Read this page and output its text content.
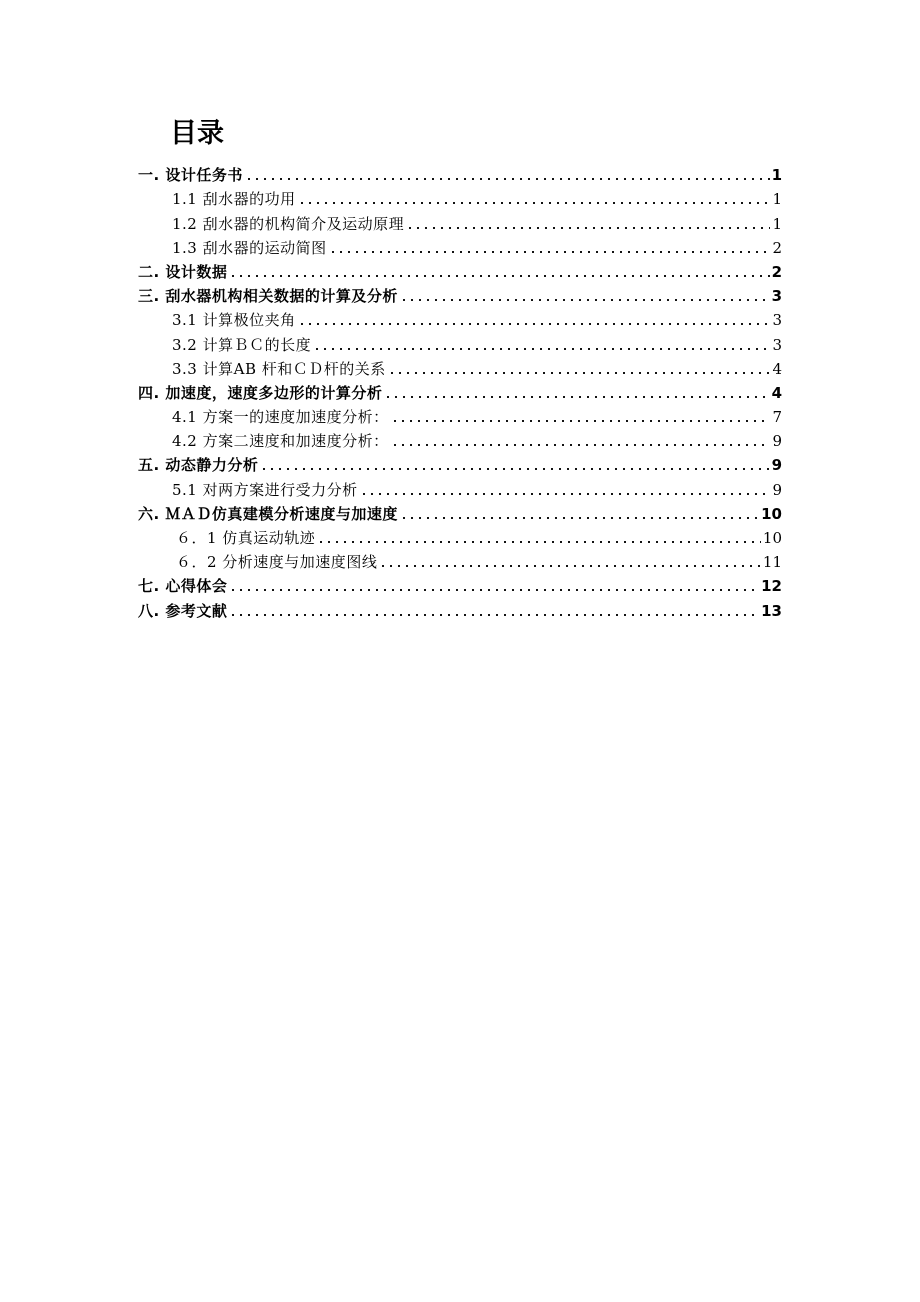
目录
一. 设计任务书	1
1.1 刮水器的功用	1
1.2 刮水器的机构简介及运动原理	1
1.3 刮水器的运动简图	2
二. 设计数据	2
三. 刮水器机构相关数据的计算及分析	3
3.1 计算极位夹角	3
3.2 计算ＢＣ的长度	3
3.3 计算AB 杆和ＣＤ杆的关系	4
四. 加速度，速度多边形的计算分析	4
4.1 方案一的速度加速度分析：	7
4.2 方案二速度和加速度分析：	9
五. 动态静力分析	9
5.1 对两方案进行受力分析	9
六. ＭＡＤ仿真建模分析速度与加速度	10
６．1 仿真运动轨迹	10
６．2 分析速度与加速度图线	11
七. 心得体会	12
八. 参考文献	13
